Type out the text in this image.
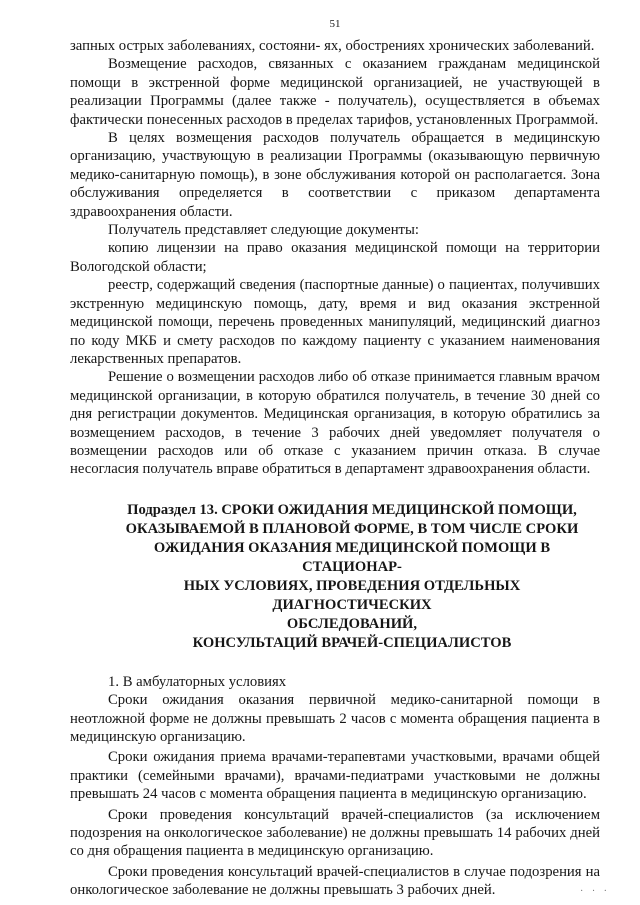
51

запных острых заболеваниях, состояни- ях, обострениях хронических заболеваний.

Возмещение расходов, связанных с оказанием гражданам медицинской помощи в экстренной форме медицинской организацией, не участвующей в реализации Программы (далее также - получатель), осуществляется в объемах фактически понесенных расходов в пределах тарифов, установленных Программой.

В целях возмещения расходов получатель обращается в медицинскую организацию, участвующую в реализации Программы (оказывающую первичную медико-санитарную помощь), в зоне обслуживания которой он располагается. Зона обслуживания определяется в соответствии с приказом департамента здравоохранения области.

Получатель представляет следующие документы:

копию лицензии на право оказания медицинской помощи на территории Вологодской области;

реестр, содержащий сведения (паспортные данные) о пациентах, получивших экстренную медицинскую помощь, дату, время и вид оказания экстренной медицинской помощи, перечень проведенных манипуляций, медицинский диагноз по коду МКБ и смету расходов по каждому пациенту с указанием наименования лекарственных препаратов.

Решение о возмещении расходов либо об отказе принимается главным врачом медицинской организации, в которую обратился получатель, в течение 30 дней со дня регистрации документов. Медицинская организация, в которую обратились за возмещением расходов, в течение 3 рабочих дней уведомляет получателя о возмещении расходов или об отказе с указанием причин отказа. В случае несогласия получатель вправе обратиться в департамент здравоохранения области.

Подраздел 13. СРОКИ ОЖИДАНИЯ МЕДИЦИНСКОЙ ПОМОЩИ,
ОКАЗЫВАЕМОЙ В ПЛАНОВОЙ ФОРМЕ, В ТОМ ЧИСЛЕ СРОКИ
ОЖИДАНИЯ ОКАЗАНИЯ МЕДИЦИНСКОЙ ПОМОЩИ В СТАЦИОНАР-
НЫХ УСЛОВИЯХ, ПРОВЕДЕНИЯ ОТДЕЛЬНЫХ ДИАГНОСТИЧЕСКИХ
ОБСЛЕДОВАНИЙ,
КОНСУЛЬТАЦИЙ ВРАЧЕЙ-СПЕЦИАЛИСТОВ

1. В амбулаторных условиях

Сроки ожидания оказания первичной медико-санитарной помощи в неотложной форме не должны превышать 2 часов с момента обращения пациента в медицинскую организацию.

Сроки ожидания приема врачами-терапевтами участковыми, врачами общей практики (семейными врачами), врачами-педиатрами участковыми не должны превышать 24 часов с момента обращения пациента в медицинскую организацию.

Сроки проведения консультаций врачей-специалистов (за исключением подозрения на онкологическое заболевание) не должны превышать 14 рабочих дней со дня обращения пациента в медицинскую организацию.

Сроки проведения консультаций врачей-специалистов в случае подозрения на онкологическое заболевание не должны превышать 3 рабочих дней.	· · ·
